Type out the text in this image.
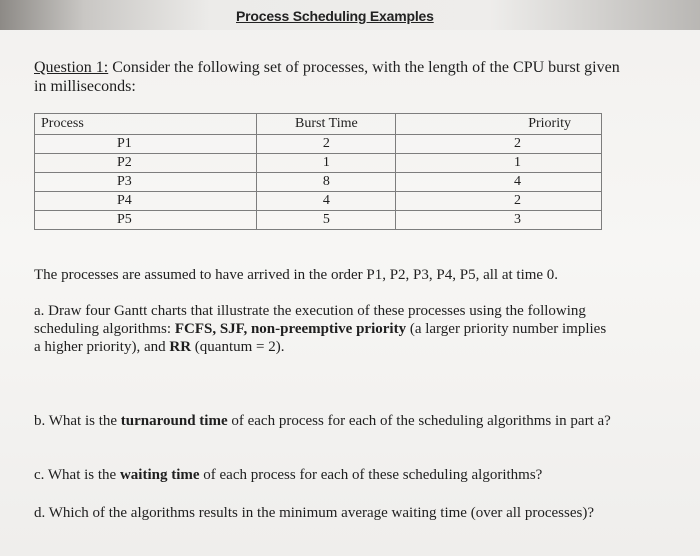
Process Scheduling Examples
Question 1: Consider the following set of processes, with the length of the CPU burst given in milliseconds:
Process	Burst Time	Priority
P1	2	2
P2	1	1
P3	8	4
P4	4	2
P5	5	3
The processes are assumed to have arrived in the order P1, P2, P3, P4, P5, all at time 0.
a. Draw four Gantt charts that illustrate the execution of these processes using the following scheduling algorithms: FCFS, SJF, non-preemptive priority (a larger priority number implies a higher priority), and RR (quantum = 2).
b. What is the turnaround time of each process for each of the scheduling algorithms in part a?
c. What is the waiting time of each process for each of these scheduling algorithms?
d. Which of the algorithms results in the minimum average waiting time (over all processes)?
